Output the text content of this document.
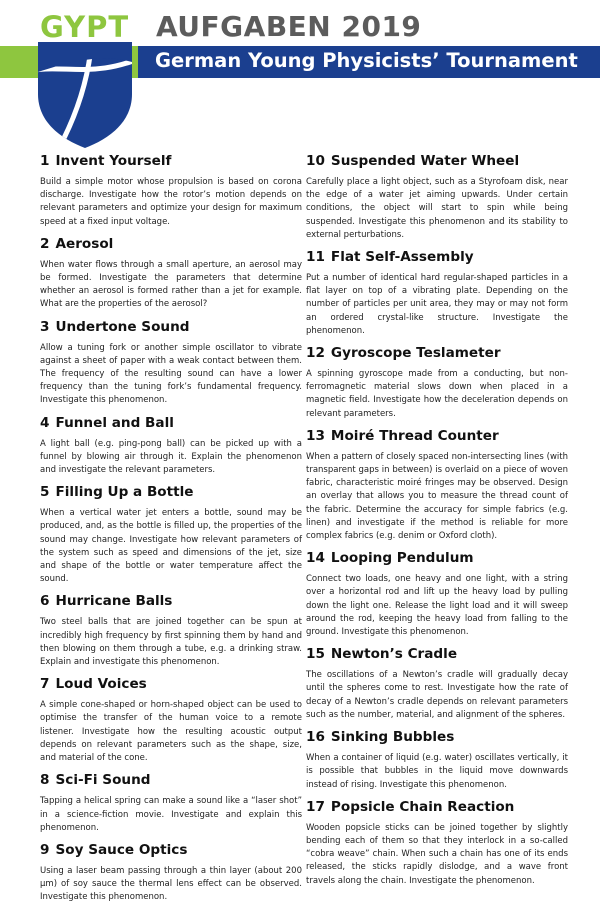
GYPT AUFGABEN 2019
German Young Physicists’ Tournament
1 Invent Yourself

Build a simple motor whose propulsion is based on corona discharge. Investigate how the rotor’s motion depends on relevant parameters and optimize your design for maximum speed at a fixed input voltage.

2 Aerosol

When water flows through a small aperture, an aerosol may be formed. Investigate the parameters that determine whether an aerosol is formed rather than a jet for example. What are the properties of the aerosol?

3 Undertone Sound

Allow a tuning fork or another simple oscillator to vibrate against a sheet of paper with a weak contact between them. The frequency of the resulting sound can have a lower frequency than the tuning fork’s fundamental frequency. Investigate this phenomenon.

4 Funnel and Ball

A light ball (e.g. ping-pong ball) can be picked up with a funnel by blowing air through it. Explain the phenomenon and investigate the relevant parameters.

5 Filling Up a Bottle

When a vertical water jet enters a bottle, sound may be produced, and, as the bottle is filled up, the properties of the sound may change. Investigate how relevant parameters of the system such as speed and dimensions of the jet, size and shape of the bottle or water temperature affect the sound.

6 Hurricane Balls

Two steel balls that are joined together can be spun at incredibly high frequency by first spinning them by hand and then blowing on them through a tube, e.g. a drinking straw. Explain and investigate this phenomenon.

7 Loud Voices

A simple cone-shaped or horn-shaped object can be used to optimise the transfer of the human voice to a remote listener. Investigate how the resulting acoustic output depends on relevant parameters such as the shape, size, and material of the cone.

8 Sci-Fi Sound

Tapping a helical spring can make a sound like a “laser shot” in a science-fiction movie. Investigate and explain this phenomenon.

9 Soy Sauce Optics

Using a laser beam passing through a thin layer (about 200 µm) of soy sauce the thermal lens effect can be observed. Investigate this phenomenon.

10 Suspended Water Wheel

Carefully place a light object, such as a Styrofoam disk, near the edge of a water jet aiming upwards. Under certain conditions, the object will start to spin while being suspended. Investigate this phenomenon and its stability to external perturbations.

11 Flat Self-Assembly

Put a number of identical hard regular-shaped particles in a flat layer on top of a vibrating plate. Depending on the number of particles per unit area, they may or may not form an ordered crystal-like structure. Investigate the phenomenon.

12 Gyroscope Teslameter

A spinning gyroscope made from a conducting, but non- ferromagnetic material slows down when placed in a magnetic field. Investigate how the deceleration depends on relevant parameters.

13 Moiré Thread Counter

When a pattern of closely spaced non-intersecting lines (with transparent gaps in between) is overlaid on a piece of woven fabric, characteristic moiré fringes may be observed. Design an overlay that allows you to measure the thread count of the fabric. Determine the accuracy for simple fabrics (e.g. linen) and investigate if the method is reliable for more complex fabrics (e.g. denim or Oxford cloth).

14 Looping Pendulum

Connect two loads, one heavy and one light, with a string over a horizontal rod and lift up the heavy load by pulling down the light one. Release the light load and it will sweep around the rod, keeping the heavy load from falling to the ground. Investigate this phenomenon.

15 Newton’s Cradle

The oscillations of a Newton’s cradle will gradually decay until the spheres come to rest. Investigate how the rate of decay of a Newton’s cradle depends on relevant parameters such as the number, material, and alignment of the spheres.

16 Sinking Bubbles

When a container of liquid (e.g. water) oscillates vertically, it is possible that bubbles in the liquid move downwards instead of rising. Investigate this phenomenon.

17 Popsicle Chain Reaction

Wooden popsicle sticks can be joined together by slightly bending each of them so that they interlock in a so-called “cobra weave” chain. When such a chain has one of its ends released, the sticks rapidly dislodge, and a wave front travels along the chain. Investigate the phenomenon.
